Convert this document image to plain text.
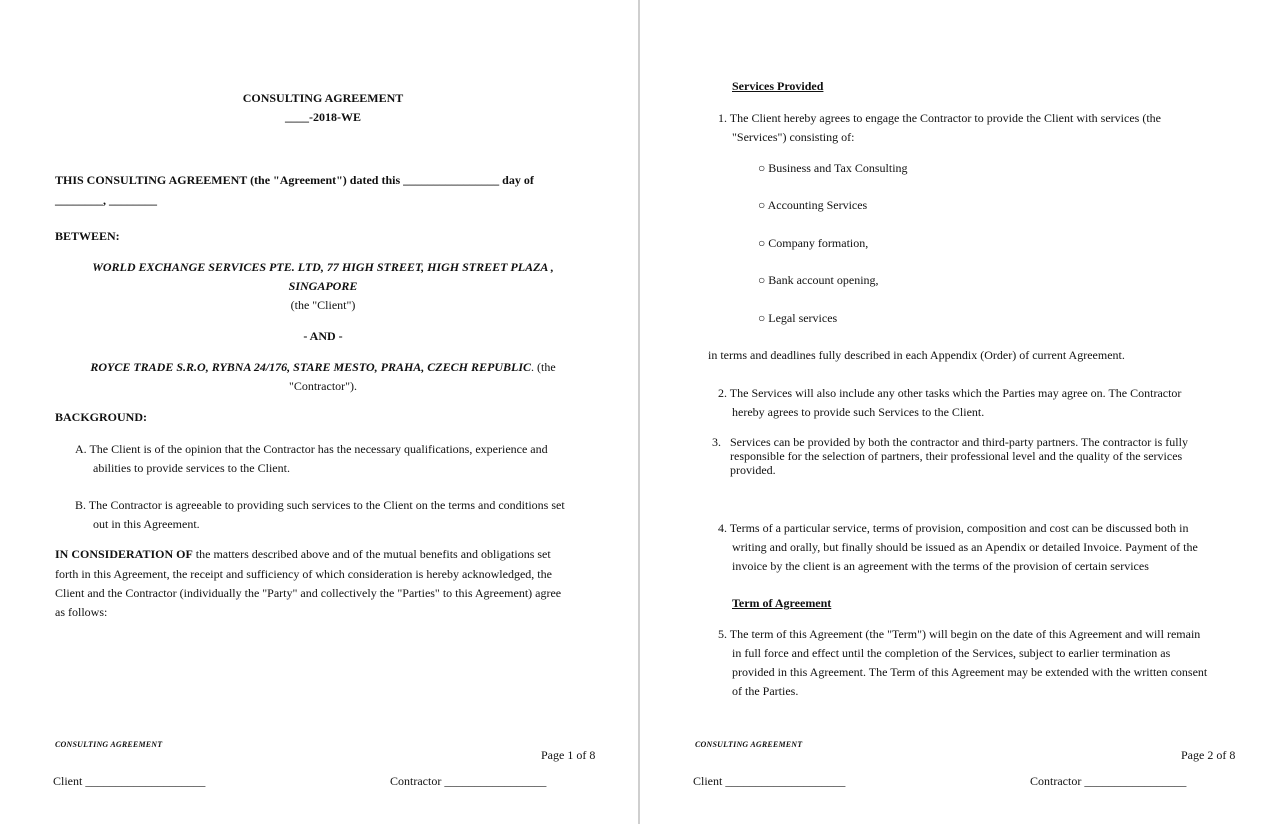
CONSULTING AGREEMENT
____-2018-WE
THIS CONSULTING AGREEMENT (the "Agreement") dated this ________________ day of
________, ________
BETWEEN:
WORLD EXCHANGE SERVICES PTE. LTD, 77 HIGH STREET, HIGH STREET PLAZA ,
SINGAPORE
(the "Client")
- AND -
ROYCE TRADE S.R.O, RYBNA 24/176, STARE MESTO, PRAHA, CZECH REPUBLIC. (the
"Contractor").
BACKGROUND:
A. The Client is of the opinion that the Contractor has the necessary qualifications, experience and
abilities to provide services to the Client.
B. The Contractor is agreeable to providing such services to the Client on the terms and conditions set
out in this Agreement.
IN CONSIDERATION OF the matters described above and of the mutual benefits and obligations set
forth in this Agreement, the receipt and sufficiency of which consideration is hereby acknowledged, the
Client and the Contractor (individually the "Party" and collectively the "Parties" to this Agreement) agree
as follows:
CONSULTING AGREEMENT
Page 1 of 8
Client ____________________	Contractor _________________
Services Provided
1. The Client hereby agrees to engage the Contractor to provide the Client with services (the
"Services") consisting of:
○ Business and Tax Consulting
○ Accounting Services
○ Company formation,
○ Bank account opening,
○ Legal services
in terms and deadlines fully described in each Appendix (Order) of current Agreement.
2. The Services will also include any other tasks which the Parties may agree on. The Contractor
hereby agrees to provide such Services to the Client.
3. Services can be provided by both the contractor and third-party partners. The contractor is fully
responsible for the selection of partners, their professional level and the quality of the services
provided.
4. Terms of a particular service, terms of provision, composition and cost can be discussed both in
writing and orally, but finally should be issued as an Apendix or detailed Invoice. Payment of the
invoice by the client is an agreement with the terms of the provision of certain services
Term of Agreement
5. The term of this Agreement (the "Term") will begin on the date of this Agreement and will remain
in full force and effect until the completion of the Services, subject to earlier termination as
provided in this Agreement. The Term of this Agreement may be extended with the written consent
of the Parties.
CONSULTING AGREEMENT
Page 2 of 8
Client ____________________	Contractor _________________
